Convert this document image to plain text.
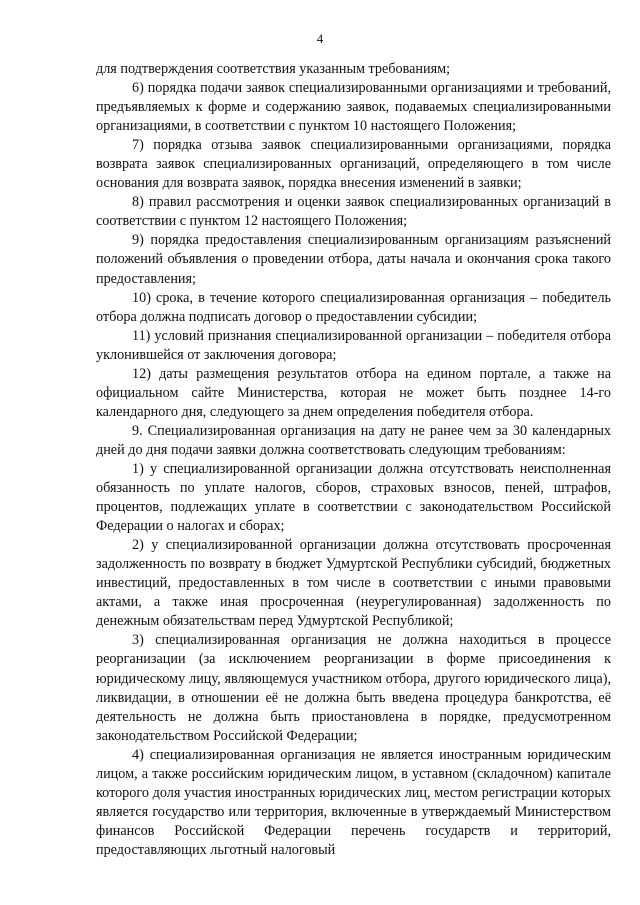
4

для подтверждения соответствия указанным требованиям;

6) порядка подачи заявок специализированными организациями и требований, предъявляемых к форме и содержанию заявок, подаваемых специализированными организациями, в соответствии с пунктом 10 настоящего Положения;

7) порядка отзыва заявок специализированными организациями, порядка возврата заявок специализированных организаций, определяющего в том числе основания для возврата заявок, порядка внесения изменений в заявки;

8) правил рассмотрения и оценки заявок специализированных организаций в соответствии с пунктом 12 настоящего Положения;

9) порядка предоставления специализированным организациям разъяснений положений объявления о проведении отбора, даты начала и окончания срока такого предоставления;

10) срока, в течение которого специализированная организация – победитель отбора должна подписать договор о предоставлении субсидии;

11) условий признания специализированной организации – победителя отбора уклонившейся от заключения договора;

12) даты размещения результатов отбора на едином портале, а также на официальном сайте Министерства, которая не может быть позднее 14-го календарного дня, следующего за днем определения победителя отбора.

9. Специализированная организация на дату не ранее чем за 30 календарных дней до дня подачи заявки должна соответствовать следующим требованиям:

1) у специализированной организации должна отсутствовать неисполненная обязанность по уплате налогов, сборов, страховых взносов, пеней, штрафов, процентов, подлежащих уплате в соответствии с законодательством Российской Федерации о налогах и сборах;

2) у специализированной организации должна отсутствовать просроченная задолженность по возврату в бюджет Удмуртской Республики субсидий, бюджетных инвестиций, предоставленных в том числе в соответствии с иными правовыми актами, а также иная просроченная (неурегулированная) задолженность по денежным обязательствам перед Удмуртской Республикой;

3) специализированная организация не должна находиться в процессе реорганизации (за исключением реорганизации в форме присоединения к юридическому лицу, являющемуся участником отбора, другого юридического лица), ликвидации, в отношении её не должна быть введена процедура банкротства, её деятельность не должна быть приостановлена в порядке, предусмотренном законодательством Российской Федерации;

4) специализированная организация не является иностранным юридическим лицом, а также российским юридическим лицом, в уставном (складочном) капитале которого доля участия иностранных юридических лиц, местом регистрации которых является государство или территория, включенные в утверждаемый Министерством финансов Российской Федерации перечень государств и территорий, предоставляющих льготный налоговый
